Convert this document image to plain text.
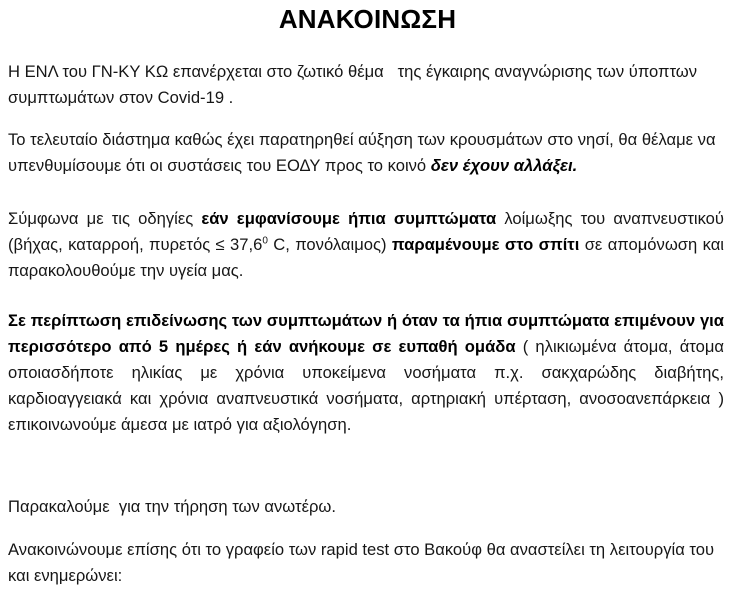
ΑΝΑΚΟΙΝΩΣΗ
Η ΕΝΛ του ΓΝ-ΚΥ ΚΩ επανέρχεται στο ζωτικό θέμα   της έγκαιρης αναγνώρισης των ύποπτων συμπτωμάτων στον Covid-19 .
Το τελευταίο διάστημα καθώς έχει παρατηρηθεί αύξηση των κρουσμάτων στο νησί, θα θέλαμε να υπενθυμίσουμε ότι οι συστάσεις του ΕΟΔΥ προς το κοινό δεν έχουν αλλάξει.
Σύμφωνα με τις οδηγίες εάν εμφανίσουμε ήπια συμπτώματα λοίμωξης του αναπνευστικού (βήχας, καταρροή, $\pi\upsilon\rho\varepsilon\tau ό\varsigma \le 37,6^0$ C, πονόλαιμος) παραμένουμε στο σπίτι σε απομόνωση και παρακολουθούμε την υγεία μας.
Σε περίπτωση επιδείνωσης των συμπτωμάτων ή όταν τα ήπια συμπτώματα επιμένουν για περισσότερο από 5 ημέρες ή εάν ανήκουμε σε ευπαθή ομάδα ( ηλικιωμένα άτομα, άτομα οποιασδήποτε ηλικίας με χρόνια υποκείμενα νοσήματα π.χ. σακχαρώδης διαβήτης, καρδιοαγγειακά και χρόνια αναπνευστικά νοσήματα, αρτηριακή υπέρταση, ανοσοανεπάρκεια ) επικοινωνούμε άμεσα με ιατρό για αξιολόγηση.
Παρακαλούμε  για την τήρηση των ανωτέρω.
Ανακοινώνουμε επίσης ότι το γραφείο των rapid test στο Βακούφ θα αναστείλει τη λειτουργία του και ενημερώνει:
